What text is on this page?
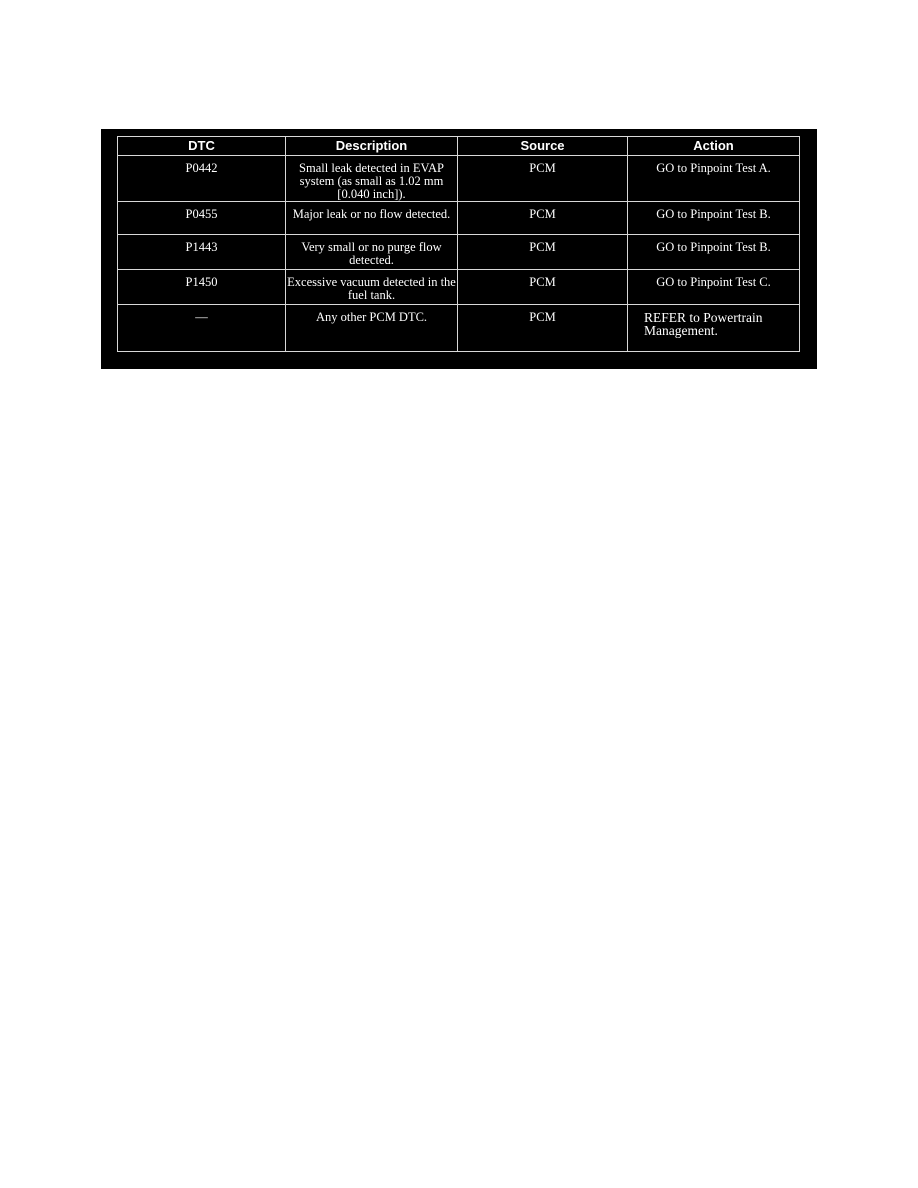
DTC	Description	Source	Action
P0442	Small leak detected in EVAP system (as small as 1.02 mm [0.040 inch]).	PCM	GO to Pinpoint Test A.
P0455	Major leak or no flow detected.	PCM	GO to Pinpoint Test B.
P1443	Very small or no purge flow detected.	PCM	GO to Pinpoint Test B.
P1450	Excessive vacuum detected in the fuel tank.	PCM	GO to Pinpoint Test C.
—	Any other PCM DTC.	PCM	REFER to Powertrain Management.
